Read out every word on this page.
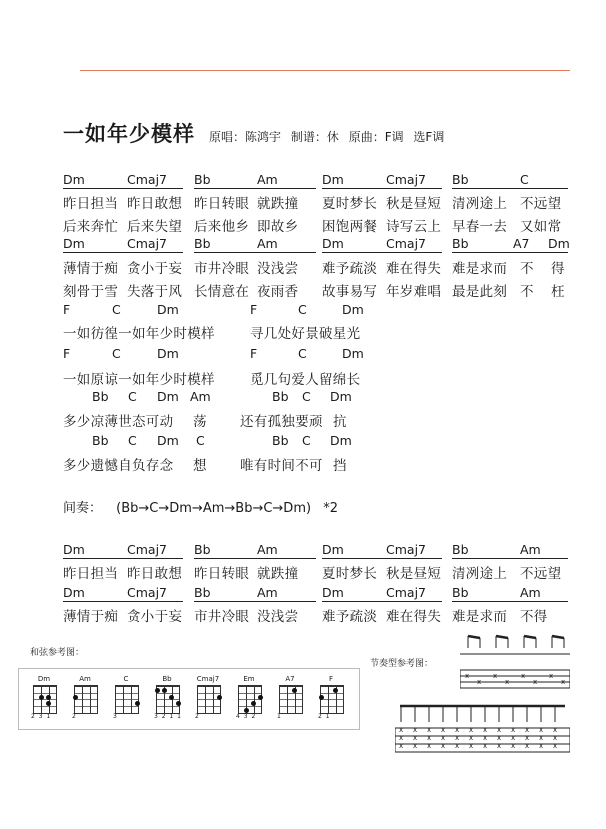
一如年少模样 原唱：陈鸿宇 制谱：休 原曲：F调 选F调
Dm	Cmaj7 Bb	Am	Dm	Cmaj7 Bb	C
昨日担当 昨日敢想 昨日转眼 就跌撞 夏时梦长 秋是昼短 清冽途上 不远望
后来奔忙 后来失望 后来他乡 即故乡 困饱两餐 诗写云上 早春一去 又如常
Dm	Cmaj7 Bb	Am	Dm	Cmaj7 Bb	A7 Dm
薄情于痴 贪小于妄 市井冷眼 没浅尝 难予疏淡 难在得失 难是求而 不 得
刻骨于雪 失落于风 长情意在 夜雨香 故事易写 年岁难唱 最是此刻 不 枉
F	C	Dm	F	C	Dm
一如彷徨一如年少时模样	寻几处好景破星光
F	C	Dm	F	C	Dm
一如原谅一如年少时模样	觅几句爱人留绵长
Bb C Dm Am	Bb C Dm
多少凉薄世态可动 荡 还有孤独要顽 抗
Bb C Dm C	Bb C Dm
多少遗憾自负存念 想 唯有时间不可 挡
间奏： (Bb→C→Dm→Am→Bb→C→Dm) *2
Dm	Cmaj7 Bb	Am	Dm	Cmaj7 Bb	Am
昨日担当 昨日敢想 昨日转眼 就跌撞 夏时梦长 秋是昼短 清冽途上 不远望
Dm	Cmaj7 Bb	Am	Dm	Cmaj7 Bb	Am
薄情于痴 贪小于妄 市井冷眼 没浅尝 难予疏淡 难在得失 难是求而 不得
和弦参考图：
Dm
2 3 1
Am
2
C
3
Bb
3 2 1 1
Cmaj7
2
Em
4 3 2
A7
1
F
2 1
节奏型参考图：
x
x
x
x
x
x
x
x
x
x
x
x
x
x
x
x
x
x
x
x
x
x
x
x
x
x
x
x
x
x
x
x
x
x
x
x
x
x
x
x
x
x
x
x
